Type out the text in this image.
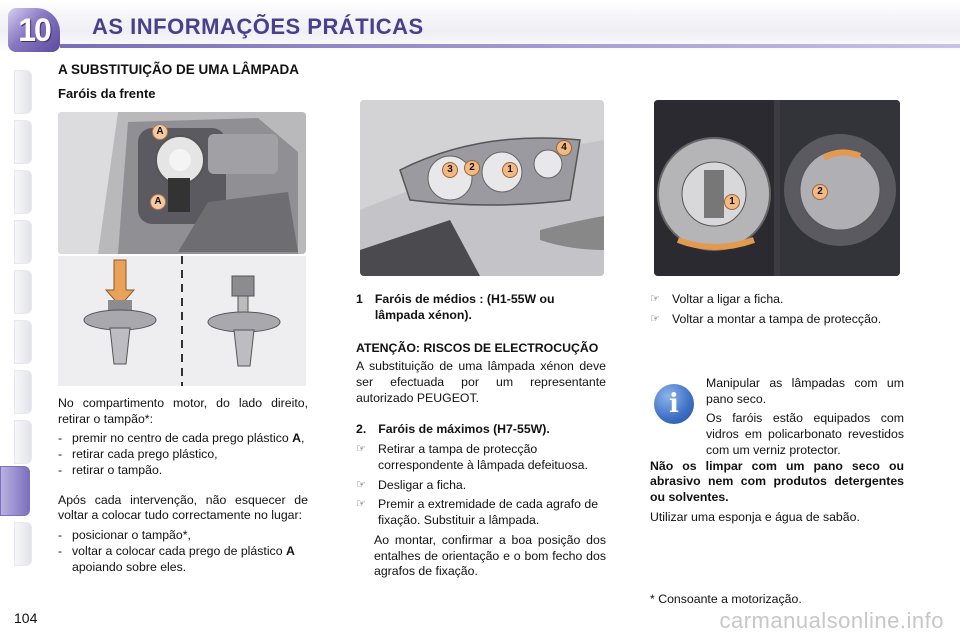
10 AS INFORMAÇÕES PRÁTICAS
A SUBSTITUIÇÃO DE UMA LÂMPADA
Faróis da frente
A
A
3	2	1
4
1
2

No compartimento motor, do lado direito, retirar o tampão*:

- premir no centro de cada prego plástico A,
- retirar cada prego plástico,
- retirar o tampão.

Após cada intervenção, não esquecer de voltar a colocar tudo correctamente no lugar:

- posicionar o tampão*,
- voltar a colocar cada prego de plástico A apoiando sobre eles.
1 Faróis de médios : (H1-55W ou lâmpada xénon).

ATENÇÃO: RISCOS DE ELECTROCUÇÃO

A substituição de uma lâmpada xénon deve ser efectuada por um representante autorizado PEUGEOT.

2. Faróis de máximos (H7-55W).
☞ Retirar a tampa de protecção correspondente à lâmpada defeituosa.
☞ Desligar a ficha.
☞ Premir a extremidade de cada agrafo de fixação. Substituir a lâmpada.

Ao montar, confirmar a boa posição dos entalhes de orientação e o bom fecho dos agrafos de fixação.

☞ Voltar a ligar a ficha.
☞ Voltar a montar a tampa de protecção.
i

Manipular as lâmpadas com um pano seco.

Os faróis estão equipados com vidros em policarbonato revestidos com um verniz protector.

Não os limpar com um pano seco ou abrasivo nem com produtos detergentes ou solventes.

Utilizar uma esponja e água de sabão.

* Consoante a motorização.
104	carmanualsonline.info
